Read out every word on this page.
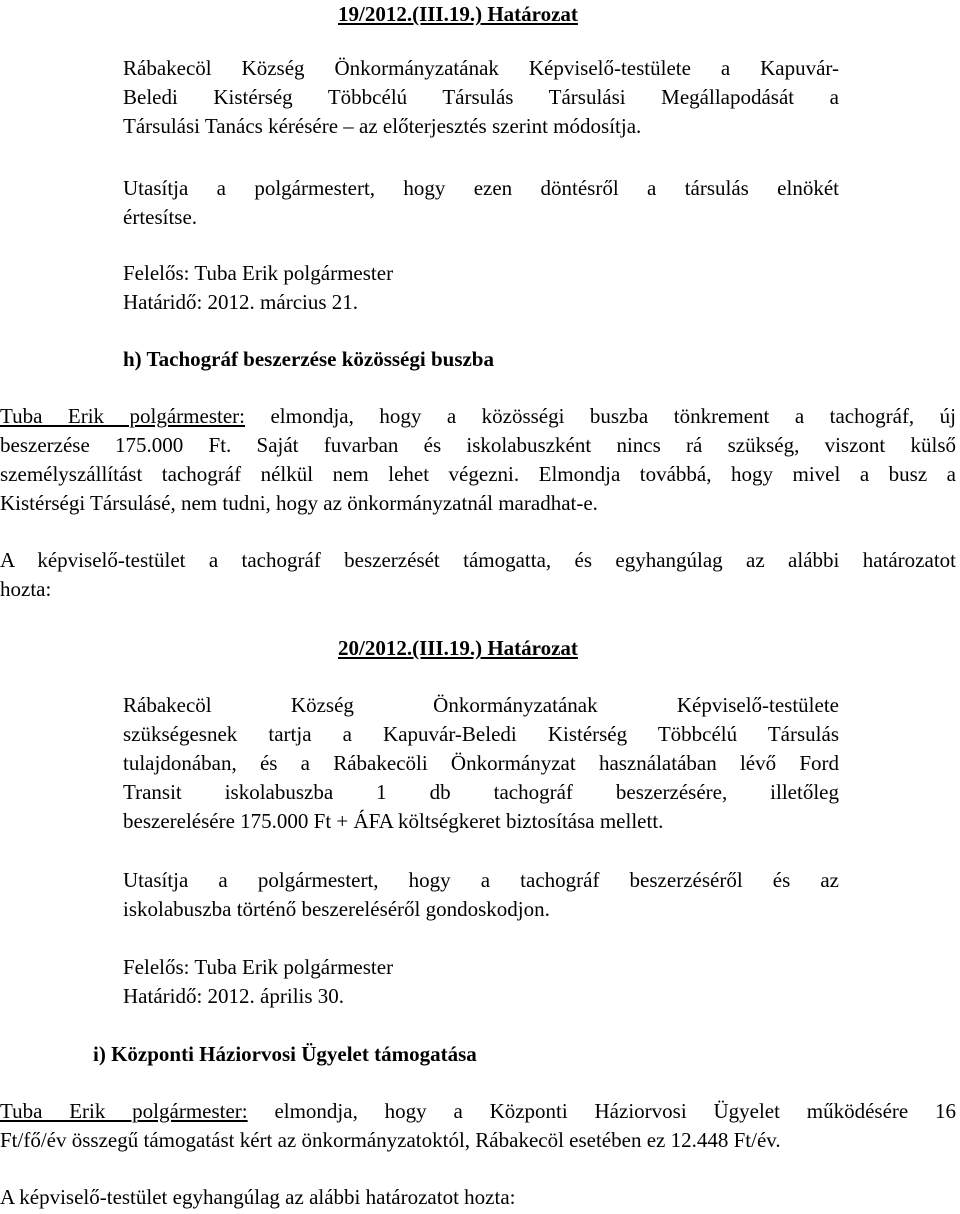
19/2012.(III.19.) Határozat
Rábakecöl Község Önkormányzatának Képviselő-testülete a Kapuvár-
Beledi Kistérség Többcélú Társulás Társulási Megállapodását a
Társulási Tanács kérésére – az előterjesztés szerint módosítja.
Utasítja a polgármestert, hogy ezen döntésről a társulás elnökét
értesítse.
Felelős: Tuba Erik polgármester
Határidő: 2012. március 21.
h) Tachográf beszerzése közösségi buszba
Tuba Erik polgármester: elmondja, hogy a közösségi buszba tönkrement a tachográf, új
beszerzése 175.000 Ft. Saját fuvarban és iskolabuszként nincs rá szükség, viszont külső
személyszállítást tachográf nélkül nem lehet végezni. Elmondja továbbá, hogy mivel a busz a
Kistérségi Társulásé, nem tudni, hogy az önkormányzatnál maradhat-e.
A képviselő-testület a tachográf beszerzését támogatta, és egyhangúlag az alábbi határozatot
hozta:
20/2012.(III.19.) Határozat
Rábakecöl Község Önkormányzatának Képviselő-testülete
szükségesnek tartja a Kapuvár-Beledi Kistérség Többcélú Társulás
tulajdonában, és a Rábakecöli Önkormányzat használatában lévő Ford
Transit iskolabuszba 1 db tachográf beszerzésére, illetőleg
beszerelésére 175.000 Ft + ÁFA költségkeret biztosítása mellett.
Utasítja a polgármestert, hogy a tachográf beszerzéséről és az
iskolabuszba történő beszereléséről gondoskodjon.
Felelős: Tuba Erik polgármester
Határidő: 2012. április 30.
i) Központi Háziorvosi Ügyelet támogatása
Tuba Erik polgármester: elmondja, hogy a Központi Háziorvosi Ügyelet működésére 16
Ft/fő/év összegű támogatást kért az önkormányzatoktól, Rábakecöl esetében ez 12.448 Ft/év.
A képviselő-testület egyhangúlag az alábbi határozatot hozta:
